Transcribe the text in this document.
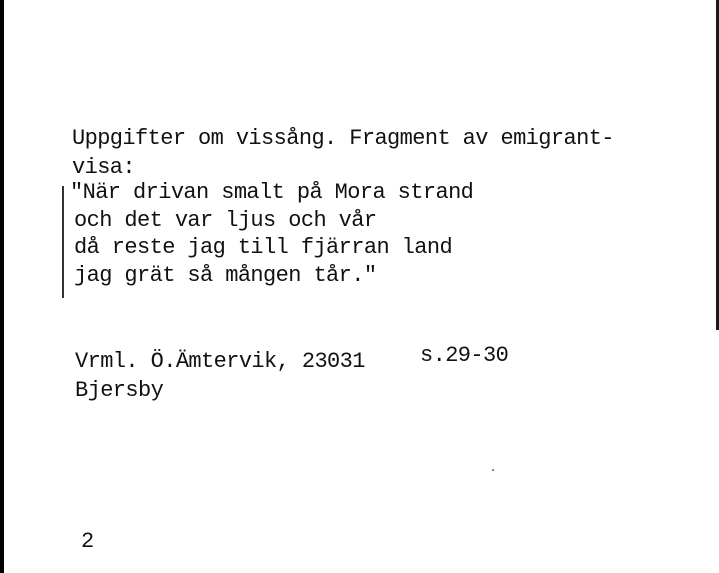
Uppgifter om vissång. Fragment av emigrant-
visa:
"När drivan smalt på Mora strand
och det var ljus och vår
då reste jag till fjärran land
jag grät så mången tår."
Vrml. Ö.Ämtervik, 23031	s.29-30
Bjersby
2
